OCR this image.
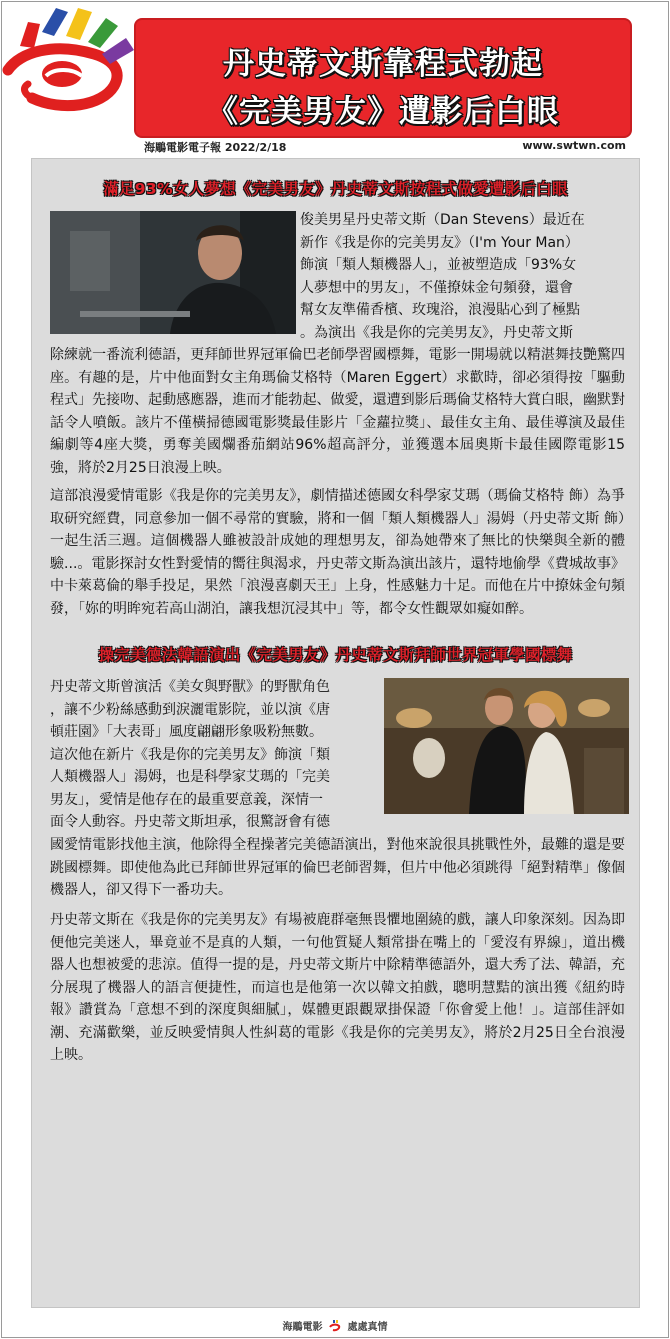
丹史蒂文斯靠程式勃起
《完美男友》遭影后白眼
海鵰電影電子報 2022/2/18	www.swtwn.com
滿足93%女人夢想《完美男友》丹史蒂文斯按程式做愛遭影后白眼
俊美男星丹史蒂文斯（Dan Stevens）最近在
新作《我是你的完美男友》（I'm Your Man）
飾演「類人類機器人」，並被塑造成「93%女
人夢想中的男友」，不僅撩妹金句頻發，還會
幫女友準備香檳、玫瑰浴，浪漫貼心到了極點
。為演出《我是你的完美男友》，丹史蒂文斯
除練就一番流利德語，更拜師世界冠軍倫巴老師學習國標舞，電影一開場就以精湛舞技艷驚四座。有趣的是，片中他面對女主角瑪倫艾格特（Maren Eggert）求歡時，卻必須得按「驅動程式」先接吻、起動感應器，進而才能勃起、做愛，還遭到影后瑪倫艾格特大賞白眼，幽默對話令人噴飯。該片不僅橫掃德國電影獎最佳影片「金蘿拉獎」、最佳女主角、最佳導演及最佳編劇等4座大獎，勇奪美國爛番茄網站96%超高評分，並獲選本屆奧斯卡最佳國際電影15強，將於2月25日浪漫上映。
這部浪漫愛情電影《我是你的完美男友》，劇情描述德國女科學家艾瑪（瑪倫艾格特 飾）為爭取研究經費，同意參加一個不尋常的實驗，將和一個「類人類機器人」湯姆（丹史蒂文斯 飾）一起生活三週。這個機器人雖被設計成她的理想男友，卻為她帶來了無比的快樂與全新的體驗...。電影探討女性對愛情的嚮往與渴求，丹史蒂文斯為演出該片，還特地偷學《費城故事》中卡萊葛倫的舉手投足，果然「浪漫喜劇天王」上身，性感魅力十足。而他在片中撩妹金句頻發，「妳的明眸宛若高山湖泊，讓我想沉浸其中」等，都令女性觀眾如癡如醉。
操完美德法韓語演出《完美男友》丹史蒂文斯拜師世界冠軍學國標舞
丹史蒂文斯曾演活《美女與野獸》的野獸角色
，讓不少粉絲感動到淚灑電影院，並以演《唐
頓莊園》「大表哥」風度翩翩形象吸粉無數。
這次他在新片《我是你的完美男友》飾演「類
人類機器人」湯姆，也是科學家艾瑪的「完美
男友」，愛情是他存在的最重要意義，深情一
面令人動容。丹史蒂文斯坦承，很驚訝會有德
國愛情電影找他主演，他除得全程操著完美德語演出，對他來說很具挑戰性外，最難的還是要跳國標舞。即使他為此已拜師世界冠軍的倫巴老師習舞，但片中他必須跳得「絕對精準」像個機器人，卻又得下一番功夫。
丹史蒂文斯在《我是你的完美男友》有場被鹿群毫無畏懼地圍繞的戲，讓人印象深刻。因為即便他完美迷人，畢竟並不是真的人類，一句他質疑人類常掛在嘴上的「愛沒有界線」，道出機器人也想被愛的悲涼。值得一提的是，丹史蒂文斯片中除精準德語外，還大秀了法、韓語，充分展現了機器人的語言便捷性，而這也是他第一次以韓文拍戲，聰明慧黠的演出獲《紐約時報》讚賞為「意想不到的深度與細膩」，媒體更跟觀眾掛保證「你會愛上他！」。這部佳評如潮、充滿歡樂，並反映愛情與人性糾葛的電影《我是你的完美男友》，將於2月25日全台浪漫上映。
海鵰電影 處處真情
